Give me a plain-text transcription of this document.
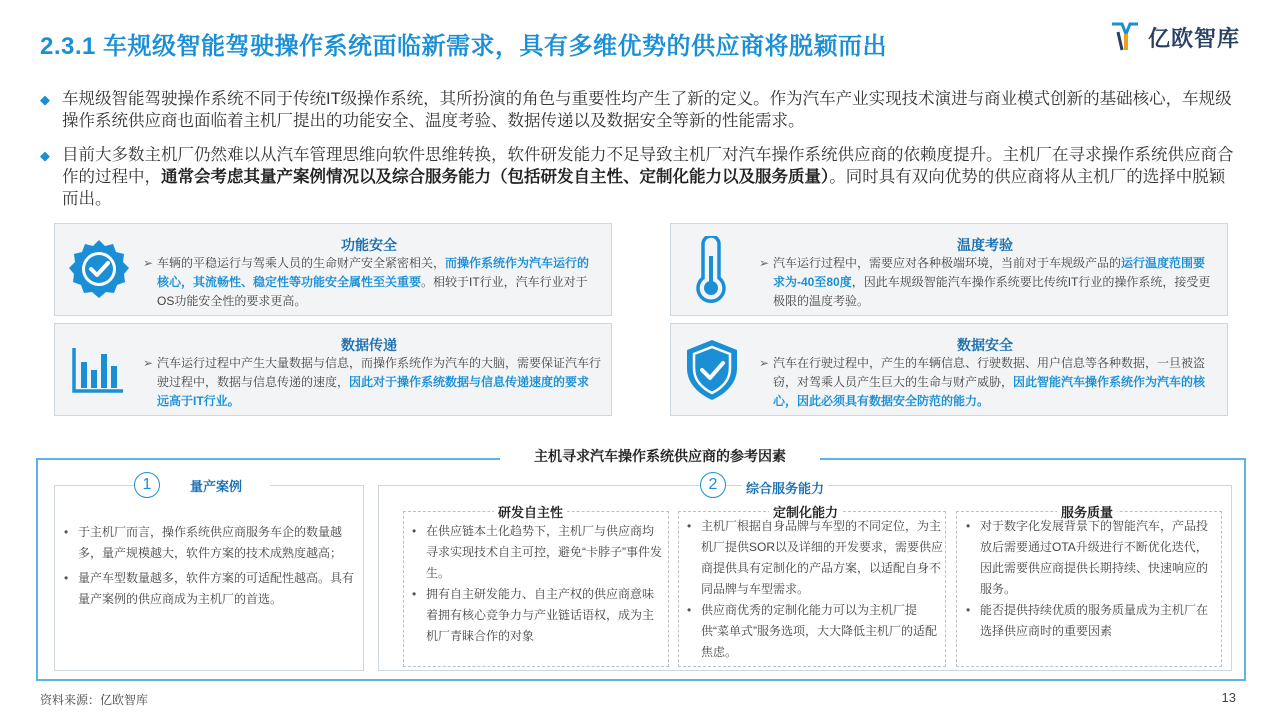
2.3.1 车规级智能驾驶操作系统面临新需求，具有多维优势的供应商将脱颖而出	亿欧智库
◆ 车规级智能驾驶操作系统不同于传统IT级操作系统，其所扮演的角色与重要性均产生了新的定义。作为汽车产业实现技术演进与商业模式创新的基础核心，车规级操作系统供应商也面临着主机厂提出的功能安全、温度考验、数据传递以及数据安全等新的性能需求。
◆ 目前大多数主机厂仍然难以从汽车管理思维向软件思维转换，软件研发能力不足导致主机厂对汽车操作系统供应商的依赖度提升。主机厂在寻求操作系统供应商合作的过程中，通常会考虑其量产案例情况以及综合服务能力（包括研发自主性、定制化能力以及服务质量）。同时具有双向优势的供应商将从主机厂的选择中脱颖而出。
功能安全
➢ 车辆的平稳运行与驾乘人员的生命财产安全紧密相关，而操作系统作为汽车运行的核心，其流畅性、稳定性等功能安全属性至关重要。相较于IT行业，汽车行业对于OS功能安全性的要求更高。
温度考验
➢ 汽车运行过程中，需要应对各种极端环境，当前对于车规级产品的运行温度范围要求为-40至80度，因此车规级智能汽车操作系统要比传统IT行业的操作系统，接受更极限的温度考验。
数据传递
➢ 汽车运行过程中产生大量数据与信息，而操作系统作为汽车的大脑，需要保证汽车行驶过程中，数据与信息传递的速度，因此对于操作系统数据与信息传递速度的要求远高于IT行业。
数据安全
➢ 汽车在行驶过程中，产生的车辆信息、行驶数据、用户信息等各种数据，一旦被盗窃，对驾乘人员产生巨大的生命与财产威胁，因此智能汽车操作系统作为汽车的核心，因此必须具有数据安全防范的能力。
主机寻求汽车操作系统供应商的参考因素
1	量产案例
• 于主机厂而言，操作系统供应商服务车企的数量越多，量产规模越大，软件方案的技术成熟度越高；
• 量产车型数量越多，软件方案的可适配性越高。具有量产案例的供应商成为主机厂的首选。
2	综合服务能力
研发自主性
• 在供应链本土化趋势下，主机厂与供应商均寻求实现技术自主可控，避免“卡脖子”事件发生。
• 拥有自主研发能力、自主产权的供应商意味着拥有核心竞争力与产业链话语权，成为主机厂青睐合作的对象
定制化能力
• 主机厂根据自身品牌与车型的不同定位，为主机厂提供SOR以及详细的开发要求，需要供应商提供具有定制化的产品方案，以适配自身不同品牌与车型需求。
• 供应商优秀的定制化能力可以为主机厂提供“菜单式”服务选项，大大降低主机厂的适配焦虑。
服务质量
• 对于数字化发展背景下的智能汽车，产品投放后需要通过OTA升级进行不断优化迭代，因此需要供应商提供长期持续、快速响应的服务。
• 能否提供持续优质的服务质量成为主机厂在选择供应商时的重要因素
资料来源：亿欧智库	13
